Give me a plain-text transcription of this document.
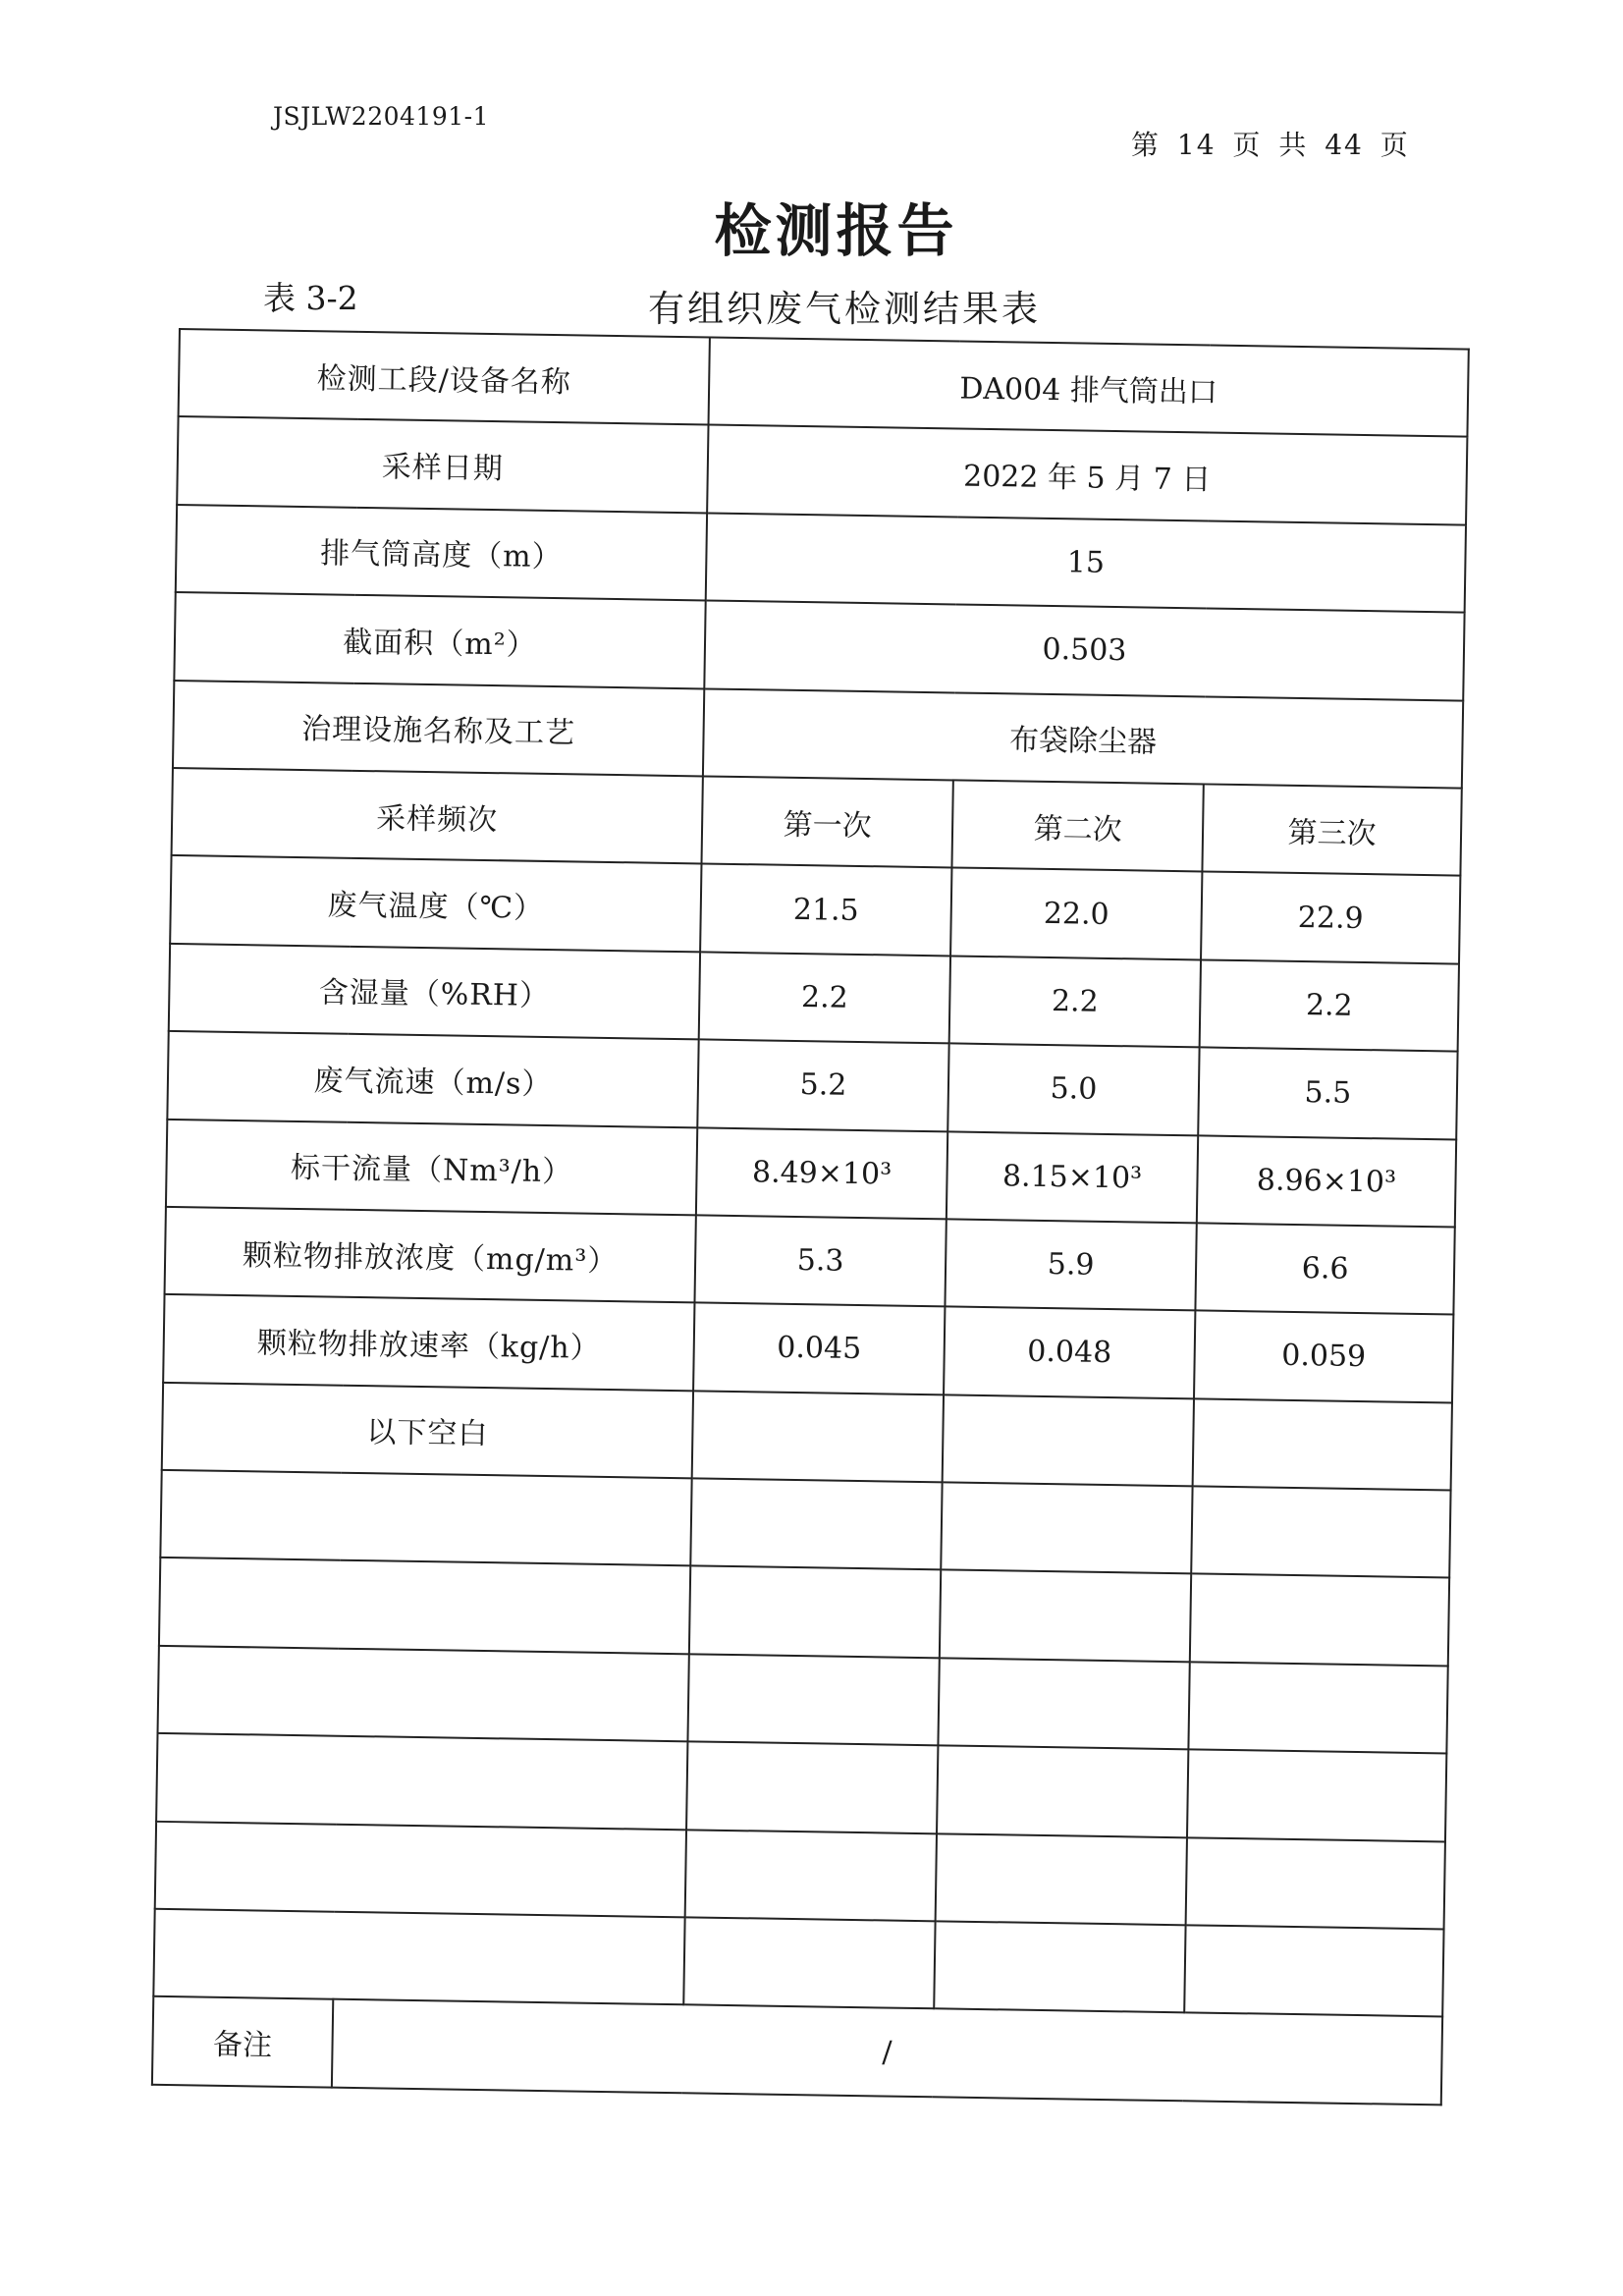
JSJLW2204191-1
第 14 页 共 44 页
检测报告
表 3-2	有组织废气检测结果表
检测工段/设备名称		DA004 排气筒出口		
采样日期		2022 年 5 月 7 日		
排气筒高度（m）		15		
截面积（m²）		0.503		
治理设施名称及工艺		布袋除尘器		
采样频次		第一次	第二次	第三次
废气温度（℃）		21.5	22.0	22.9
含湿量（%RH）		2.2	2.2	2.2
废气流速（m/s）		5.2	5.0	5.5
标干流量（Nm³/h）		8.49×10³	8.15×10³	8.96×10³
颗粒物排放浓度（mg/m³）		5.3	5.9	6.6
颗粒物排放速率（kg/h）		0.045	0.048	0.059
以下空白				

备注	/			
